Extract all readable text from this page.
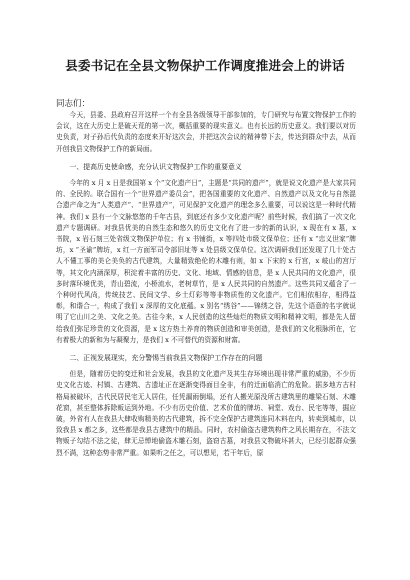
县委书记在全县文物保护工作调度推进会上的讲话
同志们：

今天，县委、县政府召开这样一个有全县各级领导干部参加的，专门研究与布置文物保护工作的会议，这在大历史上是破天荒的第一次，概括重要的现实意义。也有长远的历史意义。我们要以对历史负责，对子孙后代负责的态度来开好这次会，并把这次会议的精神带下去，传达到群众中去，从而开创我县文物保护工作的新局面。

一、提高历史使命感，充分认识文物保护工作的重要意义

今年的 x 月 x 日是我国第 x 个“文化遗产日”，主题是“共同的遗产”，就是说文化遗产是大家共同的、全民的。联合国有一个“世界遗产委员会”，把各国重要的文化遗产、自然遗产以及文化与自然混合遗产命之为“人类遗产”、“世界遗产”，可见保护文化遗产的理念多么重要，可以说这是一种时代精神。我们 x 县有一个文脉悠悠的千年古县，到底还有多少文化遗产呢？前些时候，我们搞了一次文化遗产专题调研。对我县优美的自然生态和悠久的历史文化有了进一步的新的认识，x 现在有 x 墓，x 书院，x 岩石刻三处省级文物保护单位；有 x 书铺街，x 等四处市级文保单位；还有 x “忠义世家”牌坊，x “圣谕”牌坊，x 红一方面军司令部旧址等 x 处县级文保单位。这次调研我们还发现了几十处古人不懂工事的美仑美奂的古代建筑，大量精致绝伦的木雕有则，如 x 下宋的 x 行宫，x 岐山的宫厅等，其文化内涵深厚，积淀着丰富的历史、文化、地域、情感的信息，是 x 人民共同的文化遗产，很多时落环境优美，青山碧流，小桥流水，老树草竹，是 x 人民共同的自然遗产。这些共同又蕴含了一个种时代风尚，传统技艺、民间文学、乡土灯彩等等非物质性的文化遗产。它们相依相存，相得益彰，和谐合一，构成了我们 x 深厚的文化底蕴。x 别名“绣谷”——锦绣之谷，先这个语意的名字就说明了它山川之美、文化之美。古往今来，x 人民创造的这些灿烂的物质文明和精神文明，都是先人留给我们弥足珍贵的文化资源，是 x 这方热土养育的物质创造和审美创造，是我们的文化根脉所在，它有着极大的新和为与凝聚力，是我们 x 不可替代的资源和财富。

二、正视发展现实，充分警惕当前我县文物保护工作存在的问题

但是，随着历史的变迁和社会发展，我县的文化遗产及其生存环境出现非常严重的威胁，不少历史文化古迹、村镇、古建筑、古遗址正在逐渐变得面目全非，有的迁面临消亡的危险。据多地方古村格局被破坏，古代民居民宅无人居住，任凭漏雨倒塌，还有人搬光原没所古建筑里的雕梁石刻、木雕花窗，甚至整体拆除贩运到外地。不少有历史价值、艺术价值的牌坊、祠堂、戏台、民宅等等，掘应破，外省有人在我县大肆收购精美的古代建筑，拆不完全保护古建筑连同木料在内，转卖到城市，以致我县 x 都之多，这些都是我县古建筑中的精品。同时，农村偷盗古建筑构件之风长期存在，不法文物贩子勾结不法之徒，肆无忌惮地偷盗木雕石刻，盗窃古墓，对我县文物破坏甚大，已经引起群众强烈不满，这种态势非常严重。如果听之任之，可以想见，若干年后，原
